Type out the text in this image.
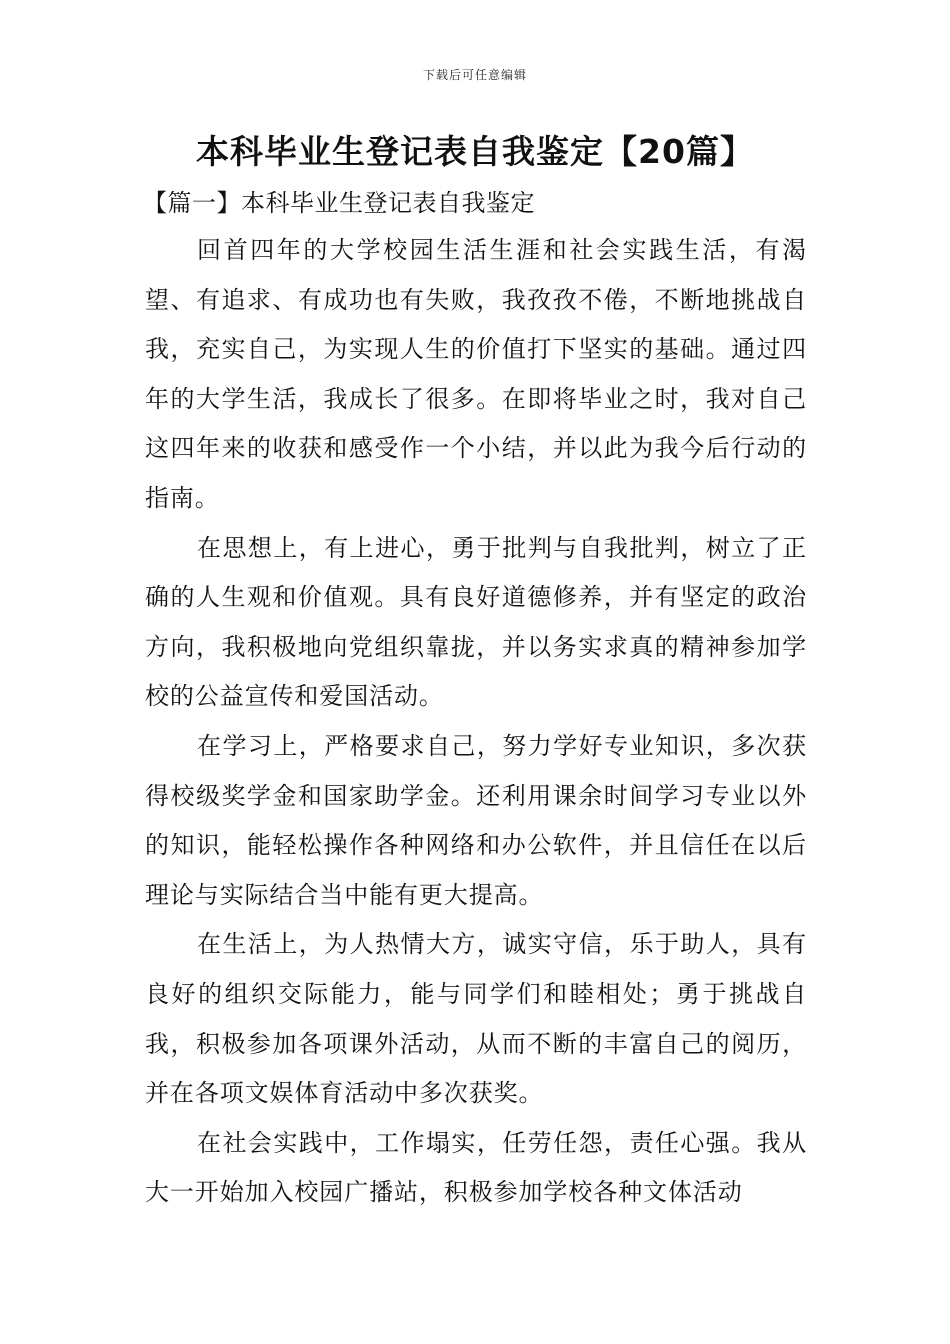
下载后可任意编辑
本科毕业生登记表自我鉴定【20篇】
【篇一】本科毕业生登记表自我鉴定

回首四年的大学校园生活生涯和社会实践生活，有渴望、有追求、有成功也有失败，我孜孜不倦，不断地挑战自我，充实自己，为实现人生的价值打下坚实的基础。通过四年的大学生活，我成长了很多。在即将毕业之时，我对自己这四年来的收获和感受作一个小结，并以此为我今后行动的指南。

在思想上，有上进心，勇于批判与自我批判，树立了正确的人生观和价值观。具有良好道德修养，并有坚定的政治方向，我积极地向党组织靠拢，并以务实求真的精神参加学校的公益宣传和爱国活动。

在学习上，严格要求自己，努力学好专业知识，多次获得校级奖学金和国家助学金。还利用课余时间学习专业以外的知识，能轻松操作各种网络和办公软件，并且信任在以后理论与实际结合当中能有更大提高。

在生活上，为人热情大方，诚实守信，乐于助人，具有良好的组织交际能力，能与同学们和睦相处；勇于挑战自我，积极参加各项课外活动，从而不断的丰富自己的阅历，并在各项文娱体育活动中多次获奖。

在社会实践中，工作塌实，任劳任怨，责任心强。我从大一开始加入校园广播站，积极参加学校各种文体活动
